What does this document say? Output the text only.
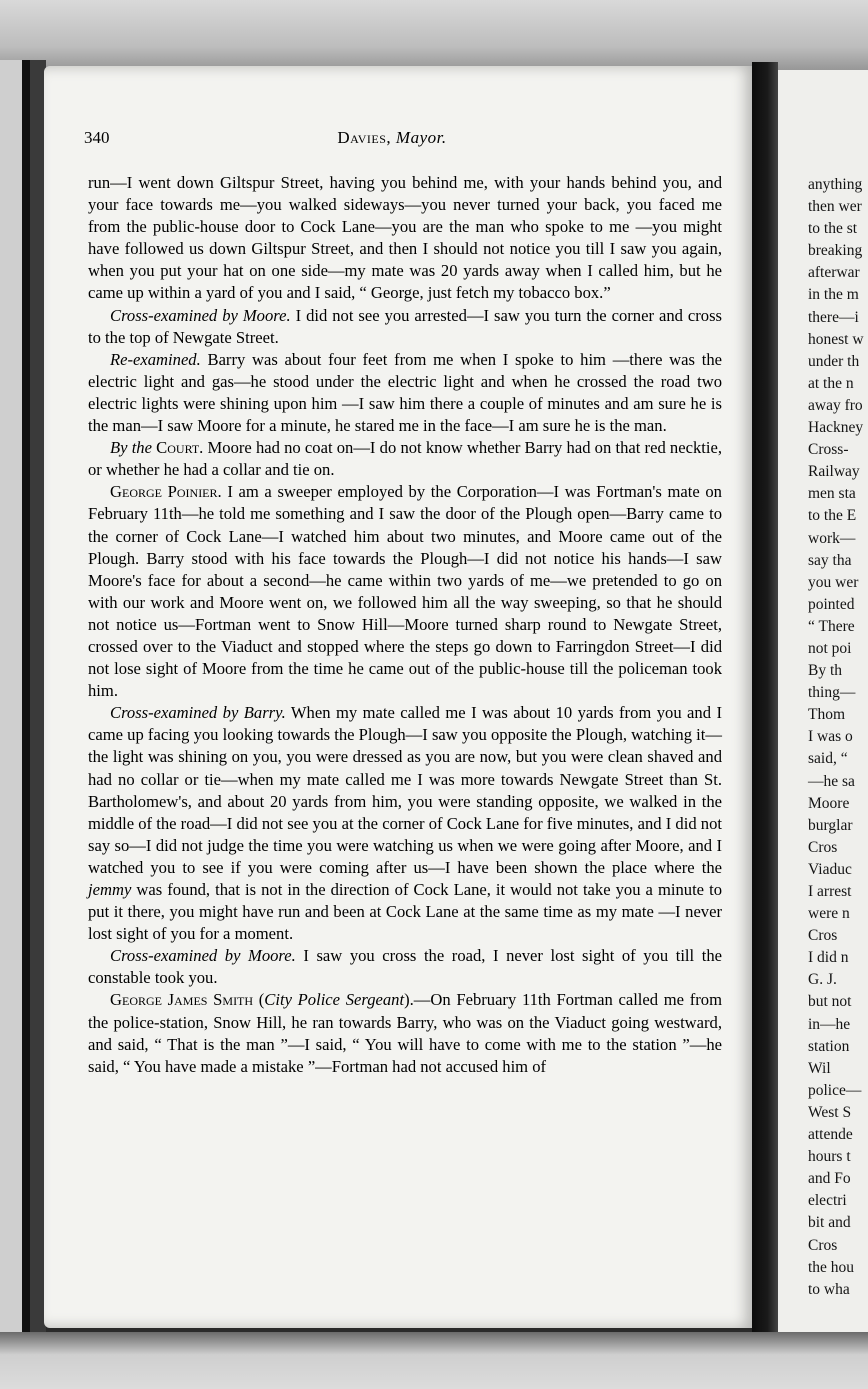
340	Davies, Mayor.

run—I went down Giltspur Street, having you behind me, with your hands behind you, and your face towards me—you walked sideways—you never turned your back, you faced me from the public-house door to Cock Lane—you are the man who spoke to me —you might have followed us down Giltspur Street, and then I should not notice you till I saw you again, when you put your hat on one side—my mate was 20 yards away when I called him, but he came up within a yard of you and I said, “ George, just fetch my tobacco box.”

Cross-examined by Moore. I did not see you arrested—I saw you turn the corner and cross to the top of Newgate Street.

Re-examined. Barry was about four feet from me when I spoke to him —there was the electric light and gas—he stood under the electric light and when he crossed the road two electric lights were shining upon him —I saw him there a couple of minutes and am sure he is the man—I saw Moore for a minute, he stared me in the face—I am sure he is the man.

By the Court. Moore had no coat on—I do not know whether Barry had on that red necktie, or whether he had a collar and tie on.

George Poinier. I am a sweeper employed by the Corporation—I was Fortman's mate on February 11th—he told me something and I saw the door of the Plough open—Barry came to the corner of Cock Lane—I watched him about two minutes, and Moore came out of the Plough. Barry stood with his face towards the Plough—I did not notice his hands—I saw Moore's face for about a second—he came within two yards of me—we pretended to go on with our work and Moore went on, we followed him all the way sweeping, so that he should not notice us—Fortman went to Snow Hill—Moore turned sharp round to Newgate Street, crossed over to the Viaduct and stopped where the steps go down to Farringdon Street—I did not lose sight of Moore from the time he came out of the public-house till the policeman took him.

Cross-examined by Barry. When my mate called me I was about 10 yards from you and I came up facing you looking towards the Plough—I saw you opposite the Plough, watching it—the light was shining on you, you were dressed as you are now, but you were clean shaved and had no collar or tie—when my mate called me I was more towards Newgate Street than St. Bartholomew's, and about 20 yards from him, you were standing opposite, we walked in the middle of the road—I did not see you at the corner of Cock Lane for five minutes, and I did not say so—I did not judge the time you were watching us when we were going after Moore, and I watched you to see if you were coming after us—I have been shown the place where the jemmy was found, that is not in the direction of Cock Lane, it would not take you a minute to put it there, you might have run and been at Cock Lane at the same time as my mate —I never lost sight of you for a moment.

Cross-examined by Moore. I saw you cross the road, I never lost sight of you till the constable took you.

George James Smith (City Police Sergeant).—On February 11th Fortman called me from the police-station, Snow Hill, he ran towards Barry, who was on the Viaduct going westward, and said, “ That is the man ”—I said, “ You will have to come with me to the station ”—he said, “ You have made a mistake ”—Fortman had not accused him of

anything
then wer
to the st
breaking
afterwar
in the m
there—i
honest w
under th
at the n
away fro
Hackney
Cross-
Railway
men sta
to the E
work—
say tha
you wer
pointed
“ There
not poi
By th
thing—
Thom
I was o
said, “
—he sa
Moore
burglar
Cros
Viaduc
I arrest
were n
Cros
I did n
G. J.
but not
in—he
station
Wil
police—
West S
attende
hours t
and Fo
electri
bit and
Cros
the hou
to wha
